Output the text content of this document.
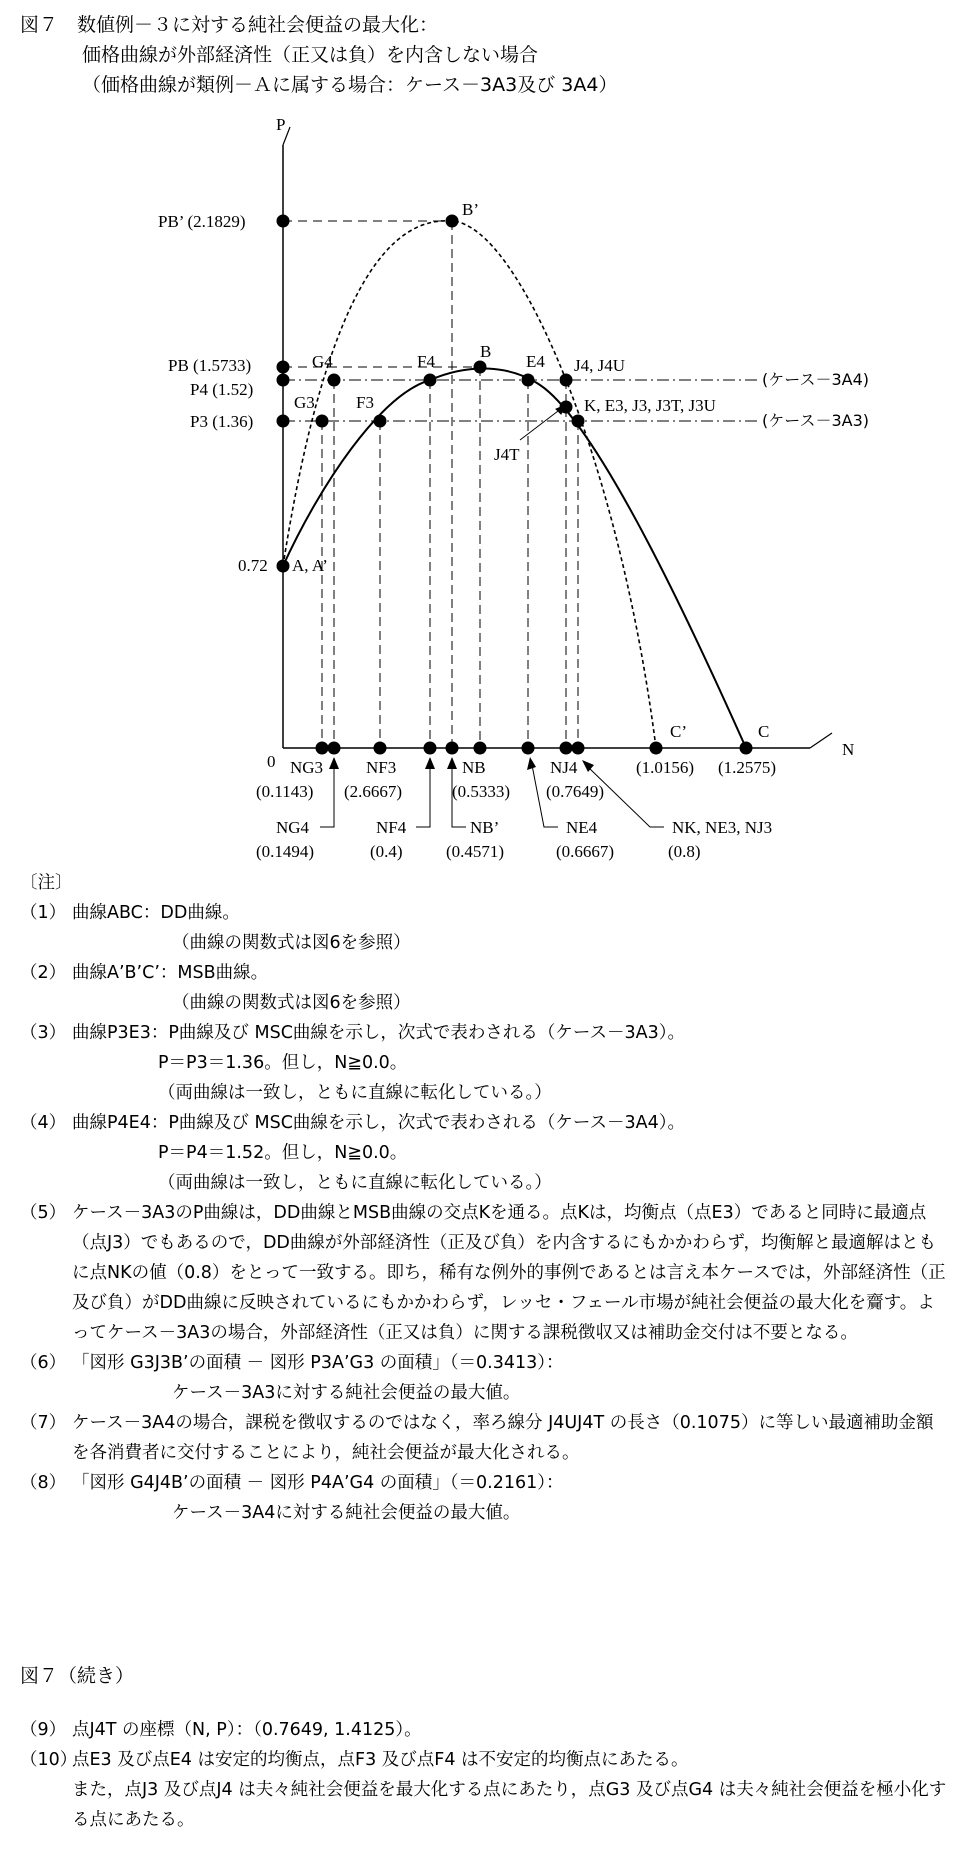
図７　数値例－３に対する純社会便益の最大化：
価格曲線が外部経済性（正又は負）を内含しない場合
（価格曲線が類例－Ａに属する場合：ケース－3A3及び 3A4）
P
N
0
PB’ (2.1829)
PB (1.5733)
P4 (1.52)
P3 (1.36)
0.72
B’
B
G4	F4	E4 J4, J4U
G3 F3	K, E3, J3, J3T, J3U
J4T
A, A’
C’	C
(ケース－3A4)
(ケース－3A3)
NG3
(0.1143)
NF3
(2.6667)
NB
(0.5333)
NJ4
(0.7649)
(1.0156) (1.2575)
NG4
(0.1494)
NF4
(0.4)
NB’
(0.4571)
NE4
(0.6667)
NK, NE3, NJ3
(0.8)
〔注〕
（1） 曲線ABC：DD曲線。
（曲線の関数式は図6を参照）
（2） 曲線A’B’C’：MSB曲線。
（曲線の関数式は図6を参照）
（3） 曲線P3E3：P曲線及び MSC曲線を示し，次式で表わされる（ケース－3A3）。
P＝P3＝1.36。但し，N≧0.0。
（両曲線は一致し，ともに直線に転化している。）
（4） 曲線P4E4：P曲線及び MSC曲線を示し，次式で表わされる（ケース－3A4）。
P＝P4＝1.52。但し，N≧0.0。
（両曲線は一致し，ともに直線に転化している。）
（5） ケース－3A3のP曲線は，DD曲線とMSB曲線の交点Kを通る。点Kは，均衡点（点E3）であると同時に最適点（点J3）でもあるので，DD曲線が外部経済性（正及び負）を内含するにもかかわらず，均衡解と最適解はともに点NKの値（0.8）をとって一致する。即ち，稀有な例外的事例であるとは言え本ケースでは，外部経済性（正及び負）がDD曲線に反映されているにもかかわらず，レッセ・フェール市場が純社会便益の最大化を齎す。よってケース－3A3の場合，外部経済性（正又は負）に関する課税徴収又は補助金交付は不要となる。
（6） 「図形 G3J3B’の面積 － 図形 P3A’G3 の面積」（＝0.3413）：
ケース－3A3に対する純社会便益の最大値。
（7） ケース－3A4の場合，課税を徴収するのではなく，率ろ線分 J4UJ4T の長さ（0.1075）に等しい最適補助金額を各消費者に交付することにより，純社会便益が最大化される。
（8） 「図形 G4J4B’の面積 － 図形 P4A’G4 の面積」（＝0.2161）：
ケース－3A4に対する純社会便益の最大値。
図７（続き）
（9） 点J4T の座標（N, P）：（0.7649, 1.4125）。
（10）
点E3 及び点E4 は安定的均衡点，点F3 及び点F4 は不安定的均衡点にあたる。
また，点J3 及び点J4 は夫々純社会便益を最大化する点にあたり，点G3 及び点G4 は夫々純社会便益を極小化する点にあたる。
